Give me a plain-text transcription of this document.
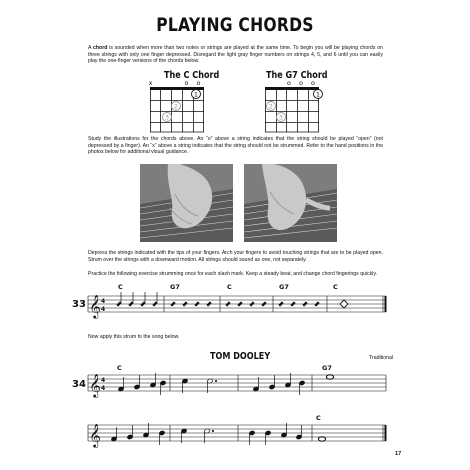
PLAYING CHORDS
A chord is sounded when more than two notes or strings are played at the same time. To begin you will be playing chords on three strings with only one finger depressed. Disregard the light gray finger numbers on strings 4, 5, and 6 until you can easily play the one-finger versions of the chords below.
The C Chord	The G7 Chord
x	o o	o o o
1
2
3
1
2
3
Study the illustrations for the chords above. An “o” above a string indicates that the string should be played “open” (not depressed by a finger). An “x” above a string indicates that the string should not be strummed. Refer to the hand positions in the photos below for additional visual guidance.
Depress the strings indicated with the tips of your fingers. Arch your fingers to avoid touching strings that are to be played open. Strum over the strings with a downward motion. All strings should sound as one, not separately.
Practice the following exercise strumming once for each slash mark. Keep a steady beat, and change chord fingerings quickly.
33
C	G7	C	G7	C
𝄞 4
4
Now apply this strum to the song below.
TOM DOOLEY	Traditional
34
C	G7
𝄞 4
4
C
𝄞
17
